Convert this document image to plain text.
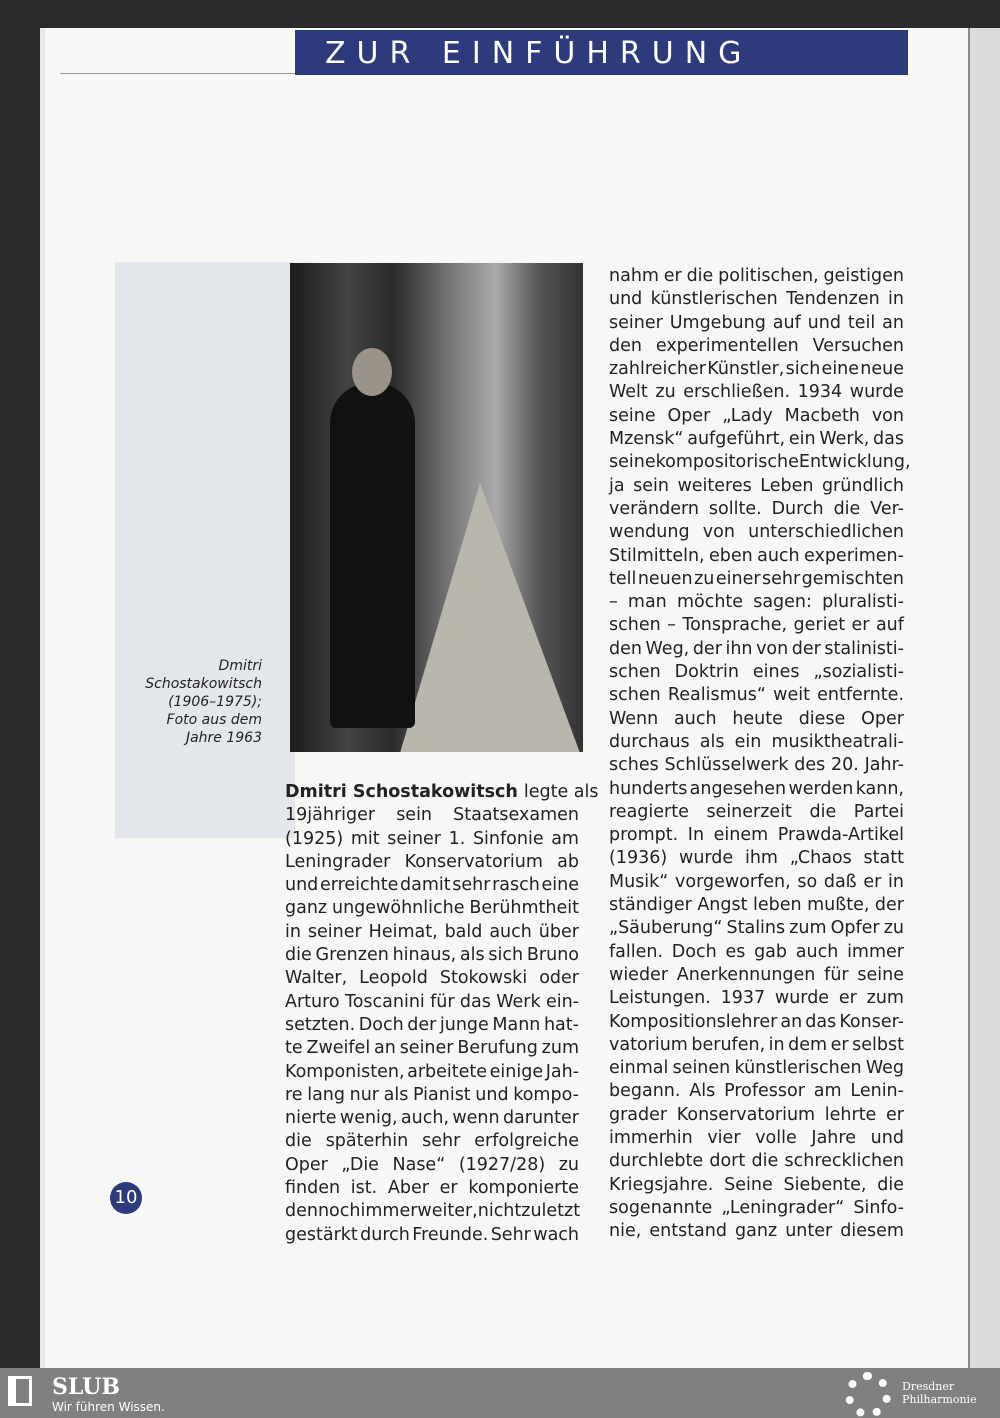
ZUR EINFÜHRUNG
Dmitri
Schostakowitsch
(1906–1975);
Foto aus dem
Jahre 1963
Dmitri Schostakowitsch legte als
19jähriger sein Staatsexamen
(1925) mit seiner 1. Sinfonie am
Leningrader Konservatorium ab
und erreichte damit sehr rasch eine
ganz ungewöhnliche Berühmtheit
in seiner Heimat, bald auch über
die Grenzen hinaus, als sich Bruno
Walter, Leopold Stokowski oder
Arturo Toscanini für das Werk ein-
setzten. Doch der junge Mann hat-
te Zweifel an seiner Berufung zum
Komponisten, arbeitete einige Jah-
re lang nur als Pianist und kompo-
nierte wenig, auch, wenn darunter
die späterhin sehr erfolgreiche
Oper „Die Nase“ (1927/28) zu
finden ist. Aber er komponierte
dennoch immer weiter, nicht zuletzt
gestärkt durch Freunde. Sehr wach
nahm er die politischen, geistigen
und künstlerischen Tendenzen in
seiner Umgebung auf und teil an
den experimentellen Versuchen
zahlreicher Künstler, sich eine neue
Welt zu erschließen. 1934 wurde
seine Oper „Lady Macbeth von
Mzensk“ aufgeführt, ein Werk, das
seine kompositorische Entwicklung,
ja sein weiteres Leben gründlich
verändern sollte. Durch die Ver-
wendung von unterschiedlichen
Stilmitteln, eben auch experimen-
tell neuen zu einer sehr gemischten
– man möchte sagen: pluralisti-
schen – Tonsprache, geriet er auf
den Weg, der ihn von der stalinisti-
schen Doktrin eines „sozialisti-
schen Realismus“ weit entfernte.
Wenn auch heute diese Oper
durchaus als ein musiktheatrali-
sches Schlüsselwerk des 20. Jahr-
hunderts angesehen werden kann,
reagierte seinerzeit die Partei
prompt. In einem Prawda-Artikel
(1936) wurde ihm „Chaos statt
Musik“ vorgeworfen, so daß er in
ständiger Angst leben mußte, der
„Säuberung“ Stalins zum Opfer zu
fallen. Doch es gab auch immer
wieder Anerkennungen für seine
Leistungen. 1937 wurde er zum
Kompositionslehrer an das Konser-
vatorium berufen, in dem er selbst
einmal seinen künstlerischen Weg
begann. Als Professor am Lenin-
grader Konservatorium lehrte er
immerhin vier volle Jahre und
durchlebte dort die schrecklichen
Kriegsjahre. Seine Siebente, die
sogenannte „Leningrader“ Sinfo-
nie, entstand ganz unter diesem
10
SLUB
Wir führen Wissen.
Dresdner
Philharmonie
